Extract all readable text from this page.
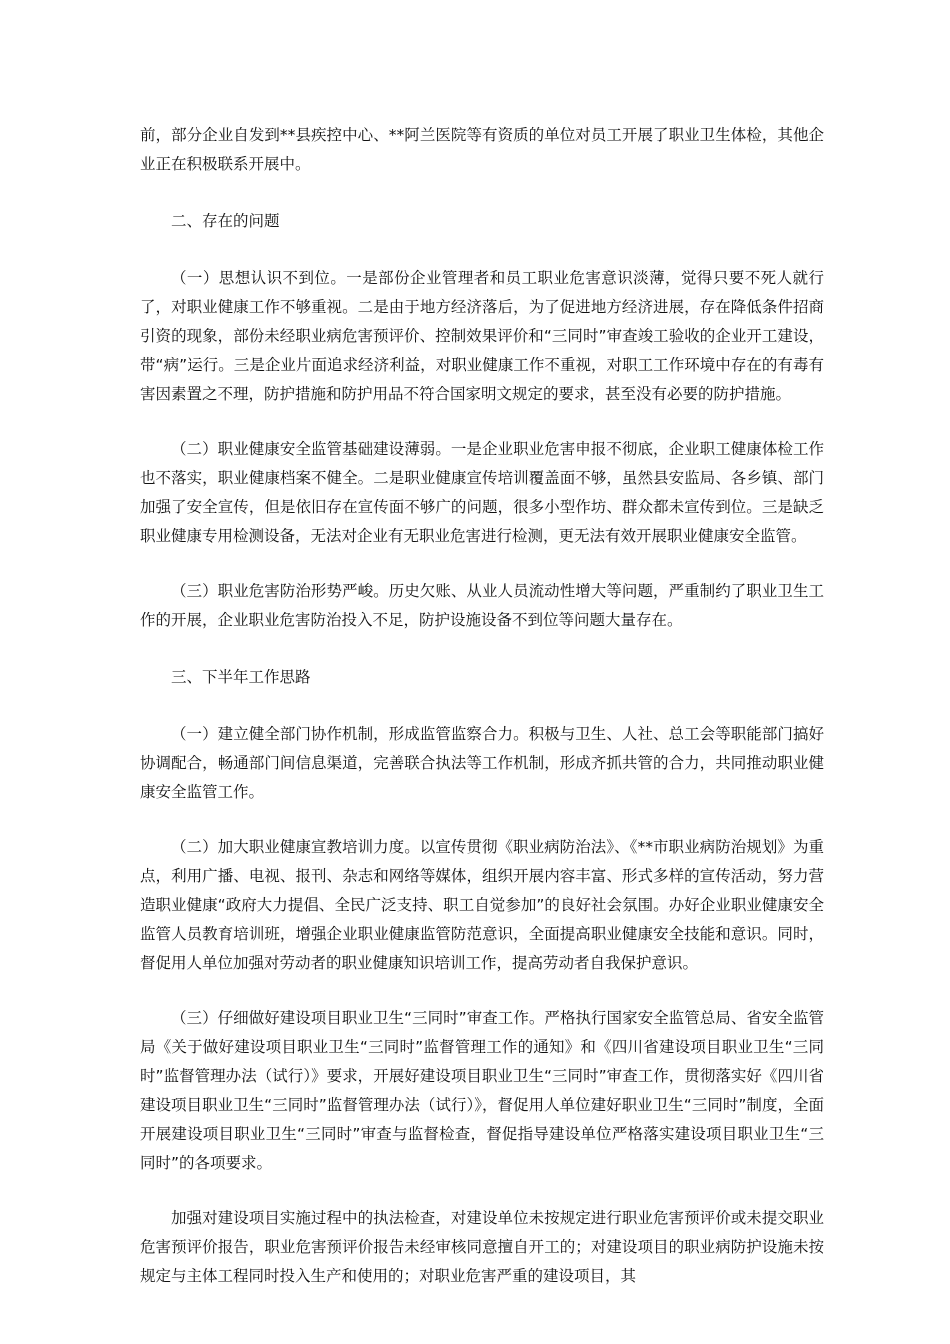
前，部分企业自发到**县疾控中心、**阿兰医院等有资质的单位对员工开展了职业卫生体检，其他企业正在积极联系开展中。

二、存在的问题

（一）思想认识不到位。一是部份企业管理者和员工职业危害意识淡薄，觉得只要不死人就行了，对职业健康工作不够重视。二是由于地方经济落后，为了促进地方经济进展，存在降低条件招商引资的现象，部份未经职业病危害预评价、控制效果评价和“三同时”审查竣工验收的企业开工建设，带“病”运行。三是企业片面追求经济利益，对职业健康工作不重视，对职工工作环境中存在的有毒有害因素置之不理，防护措施和防护用品不符合国家明文规定的要求，甚至没有必要的防护措施。

（二）职业健康安全监管基础建设薄弱。一是企业职业危害申报不彻底，企业职工健康体检工作也不落实，职业健康档案不健全。二是职业健康宣传培训覆盖面不够，虽然县安监局、各乡镇、部门加强了安全宣传，但是依旧存在宣传面不够广的问题，很多小型作坊、群众都未宣传到位。三是缺乏职业健康专用检测设备，无法对企业有无职业危害进行检测，更无法有效开展职业健康安全监管。

（三）职业危害防治形势严峻。历史欠账、从业人员流动性增大等问题，严重制约了职业卫生工作的开展，企业职业危害防治投入不足，防护设施设备不到位等问题大量存在。

三、下半年工作思路

（一）建立健全部门协作机制，形成监管监察合力。积极与卫生、人社、总工会等职能部门搞好协调配合，畅通部门间信息渠道，完善联合执法等工作机制，形成齐抓共管的合力，共同推动职业健康安全监管工作。

（二）加大职业健康宣教培训力度。以宣传贯彻《职业病防治法》、《**市职业病防治规划》为重点，利用广播、电视、报刊、杂志和网络等媒体，组织开展内容丰富、形式多样的宣传活动，努力营造职业健康“政府大力提倡、全民广泛支持、职工自觉参加”的良好社会氛围。办好企业职业健康安全监管人员教育培训班，增强企业职业健康监管防范意识，全面提高职业健康安全技能和意识。同时，督促用人单位加强对劳动者的职业健康知识培训工作，提高劳动者自我保护意识。

（三）仔细做好建设项目职业卫生“三同时”审查工作。严格执行国家安全监管总局、省安全监管局《关于做好建设项目职业卫生“三同时”监督管理工作的通知》和《四川省建设项目职业卫生“三同时”监督管理办法（试行）》要求，开展好建设项目职业卫生“三同时”审查工作，贯彻落实好《四川省建设项目职业卫生“三同时”监督管理办法（试行）》，督促用人单位建好职业卫生“三同时”制度，全面开展建设项目职业卫生“三同时”审查与监督检查，督促指导建设单位严格落实建设项目职业卫生“三同时”的各项要求。

加强对建设项目实施过程中的执法检查，对建设单位未按规定进行职业危害预评价或未提交职业危害预评价报告，职业危害预评价报告未经审核同意擅自开工的；对建设项目的职业病防护设施未按规定与主体工程同时投入生产和使用的；对职业危害严重的建设项目，其
